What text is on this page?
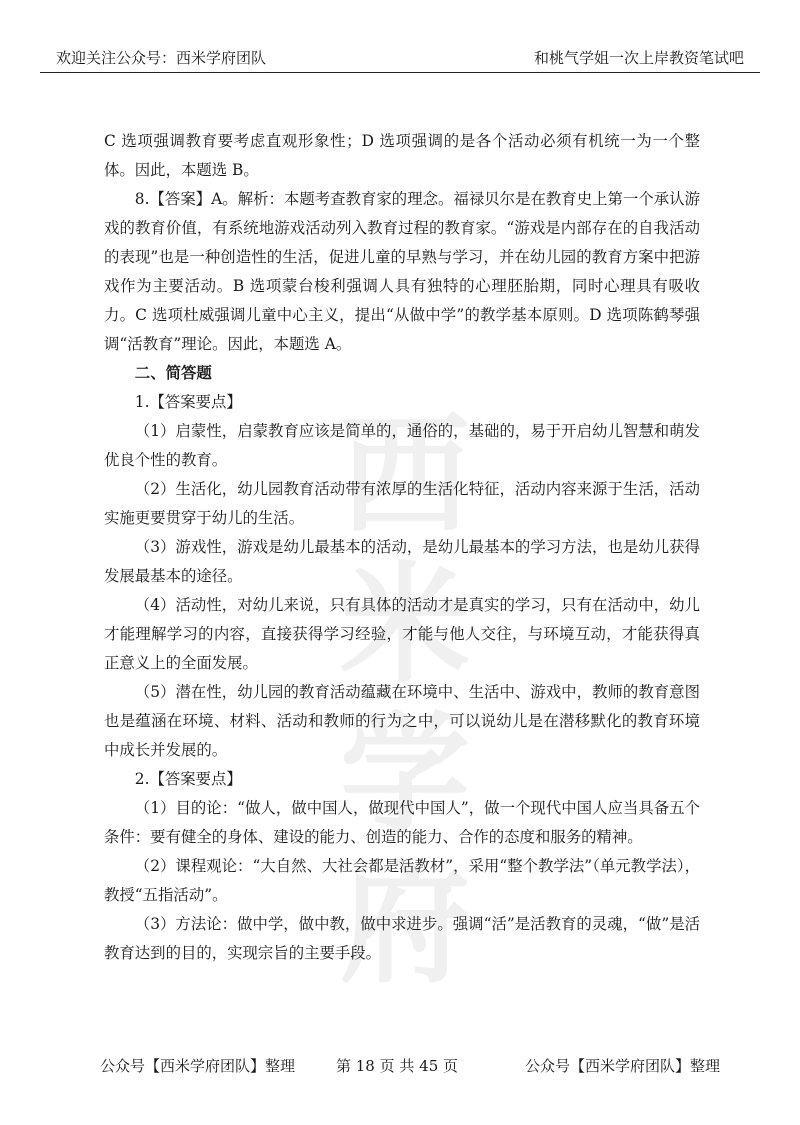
欢迎关注公众号：西米学府团队	和桃气学姐一次上岸教资笔试吧
西米学府

C 选项强调教育要考虑直观形象性；D 选项强调的是各个活动必须有机统一为一个整体。因此，本题选 B。

8.【答案】A。解析：本题考查教育家的理念。福禄贝尔是在教育史上第一个承认游戏的教育价值，有系统地游戏活动列入教育过程的教育家。“游戏是内部存在的自我活动的表现”也是一种创造性的生活，促进儿童的早熟与学习，并在幼儿园的教育方案中把游戏作为主要活动。B 选项蒙台梭利强调人具有独特的心理胚胎期，同时心理具有吸收力。C 选项杜威强调儿童中心主义，提出“从做中学”的教学基本原则。D 选项陈鹤琴强调“活教育”理论。因此，本题选 A。

二、简答题

1.【答案要点】

（1）启蒙性，启蒙教育应该是简单的，通俗的，基础的，易于开启幼儿智慧和萌发优良个性的教育。

（2）生活化，幼儿园教育活动带有浓厚的生活化特征，活动内容来源于生活，活动实施更要贯穿于幼儿的生活。

（3）游戏性，游戏是幼儿最基本的活动，是幼儿最基本的学习方法，也是幼儿获得发展最基本的途径。

（4）活动性，对幼儿来说，只有具体的活动才是真实的学习，只有在活动中，幼儿才能理解学习的内容，直接获得学习经验，才能与他人交往，与环境互动，才能获得真正意义上的全面发展。

（5）潜在性，幼儿园的教育活动蕴藏在环境中、生活中、游戏中，教师的教育意图也是蕴涵在环境、材料、活动和教师的行为之中，可以说幼儿是在潜移默化的教育环境中成长并发展的。

2.【答案要点】

（1）目的论：“做人，做中国人，做现代中国人”，做一个现代中国人应当具备五个条件：要有健全的身体、建设的能力、创造的能力、合作的态度和服务的精神。

（2）课程观论：“大自然、大社会都是活教材”，采用“整个教学法”（单元教学法），教授“五指活动”。

（3）方法论：做中学，做中教，做中求进步。强调“活”是活教育的灵魂，“做”是活教育达到的目的，实现宗旨的主要手段。

公众号【西米学府团队】整理	第 18 页 共 45 页	公众号【西米学府团队】整理
